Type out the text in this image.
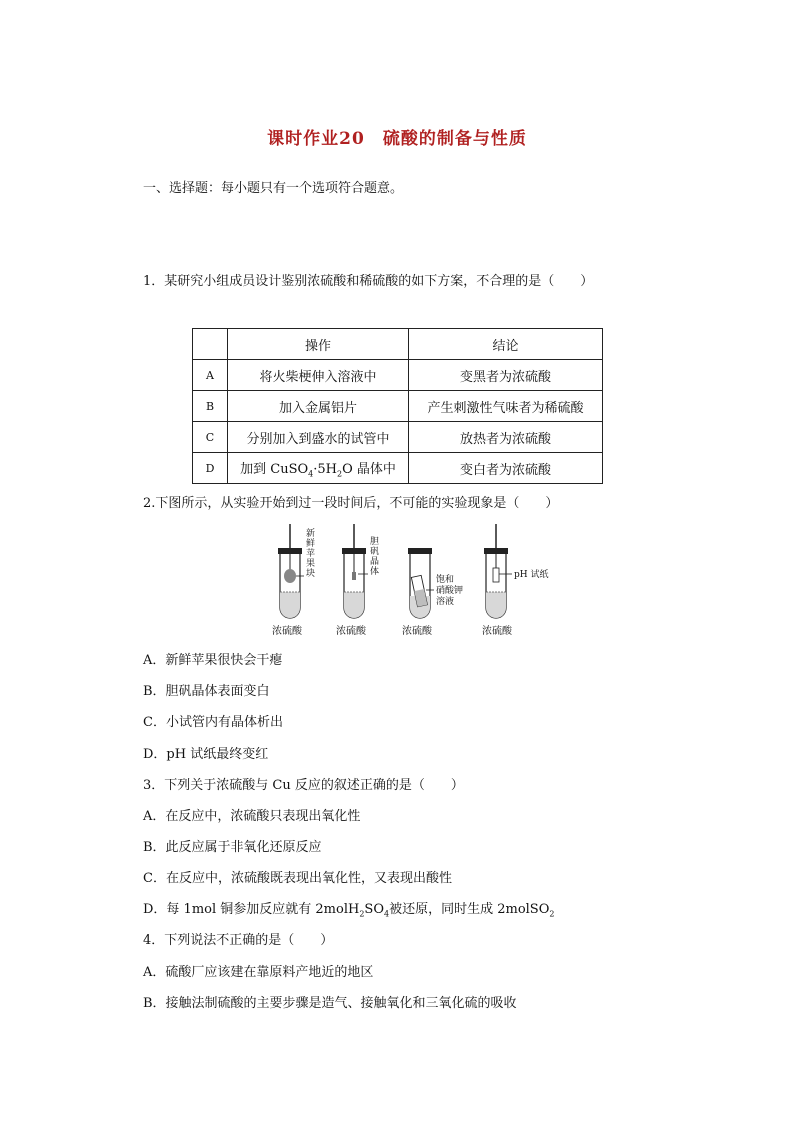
课时作业20　硫酸的制备与性质
一、选择题：每小题只有一个选项符合题意。
1．某研究小组成员设计鉴别浓硫酸和稀硫酸的如下方案，不合理的是（　　）
	操作	结论
A	将火柴梗伸入溶液中	变黑者为浓硫酸
B	加入金属铝片	产生刺激性气味者为稀硫酸
C	分别加入到盛水的试管中	放热者为浓硫酸
D	加到 $CuSO_4\cdot 5H_2O$ 晶体中	变白者为浓硫酸
2.下图所示，从实验开始到过一段时间后，不可能的实验现象是（　　）
新鲜苹果块
浓硫酸
胆矾晶体
浓硫酸
饱和硝酸钾溶液
浓硫酸
pH 试纸
浓硫酸
A．新鲜苹果很快会干瘪
B．胆矾晶体表面变白
C．小试管内有晶体析出
D．pH 试纸最终变红
3．下列关于浓硫酸与 Cu 反应的叙述正确的是（　　）
A．在反应中，浓硫酸只表现出氧化性
B．此反应属于非氧化还原反应
C．在反应中，浓硫酸既表现出氧化性，又表现出酸性
D．每 1mol 铜参加反应就有 $2molH_2SO_4$被还原，同时生成 2molSO$_2$
4．下列说法不正确的是（　　）
A．硫酸厂应该建在靠原料产地近的地区
B．接触法制硫酸的主要步骤是造气、接触氧化和三氧化硫的吸收
